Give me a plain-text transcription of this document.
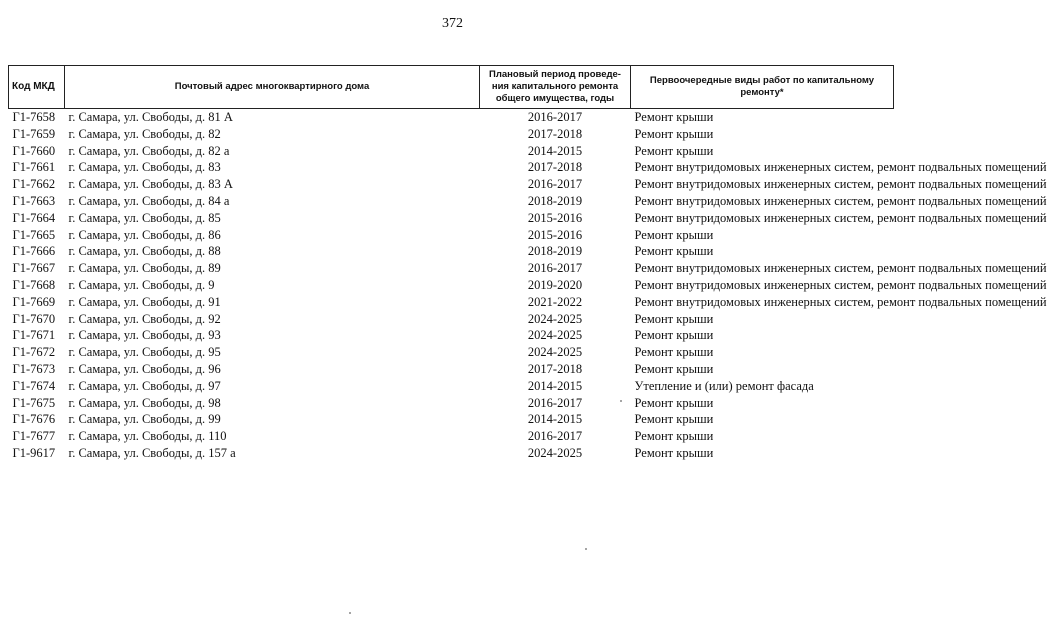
372
Код МКД	Почтовый адрес многоквартирного дома	Плановый период проведе-ния капитального ремонта общего имущества, годы	Первоочередные виды работ по капитальному ремонту*
Г1-7658	г. Самара, ул. Свободы, д. 81 А	2016-2017	Ремонт крыши
Г1-7659	г. Самара, ул. Свободы, д. 82	2017-2018	Ремонт крыши
Г1-7660	г. Самара, ул. Свободы, д. 82 а	2014-2015	Ремонт крыши
Г1-7661	г. Самара, ул. Свободы, д. 83	2017-2018	Ремонт внутридомовых инженерных систем, ремонт подвальных помещений
Г1-7662	г. Самара, ул. Свободы, д. 83 А	2016-2017	Ремонт внутридомовых инженерных систем, ремонт подвальных помещений
Г1-7663	г. Самара, ул. Свободы, д. 84 а	2018-2019	Ремонт внутридомовых инженерных систем, ремонт подвальных помещений
Г1-7664	г. Самара, ул. Свободы, д. 85	2015-2016	Ремонт внутридомовых инженерных систем, ремонт подвальных помещений
Г1-7665	г. Самара, ул. Свободы, д. 86	2015-2016	Ремонт крыши
Г1-7666	г. Самара, ул. Свободы, д. 88	2018-2019	Ремонт крыши
Г1-7667	г. Самара, ул. Свободы, д. 89	2016-2017	Ремонт внутридомовых инженерных систем, ремонт подвальных помещений
Г1-7668	г. Самара, ул. Свободы, д. 9	2019-2020	Ремонт внутридомовых инженерных систем, ремонт подвальных помещений
Г1-7669	г. Самара, ул. Свободы, д. 91	2021-2022	Ремонт внутридомовых инженерных систем, ремонт подвальных помещений
Г1-7670	г. Самара, ул. Свободы, д. 92	2024-2025	Ремонт крыши
Г1-7671	г. Самара, ул. Свободы, д. 93	2024-2025	Ремонт крыши
Г1-7672	г. Самара, ул. Свободы, д. 95	2024-2025	Ремонт крыши
Г1-7673	г. Самара, ул. Свободы, д. 96	2017-2018	Ремонт крыши
Г1-7674	г. Самара, ул. Свободы, д. 97	2014-2015	Утепление и (или) ремонт фасада
Г1-7675	г. Самара, ул. Свободы, д. 98	2016-2017	Ремонт крыши
Г1-7676	г. Самара, ул. Свободы, д. 99	2014-2015	Ремонт крыши
Г1-7677	г. Самара, ул. Свободы, д. 110	2016-2017	Ремонт крыши
Г1-9617	г. Самара, ул. Свободы, д. 157 а	2024-2025	Ремонт крыши
